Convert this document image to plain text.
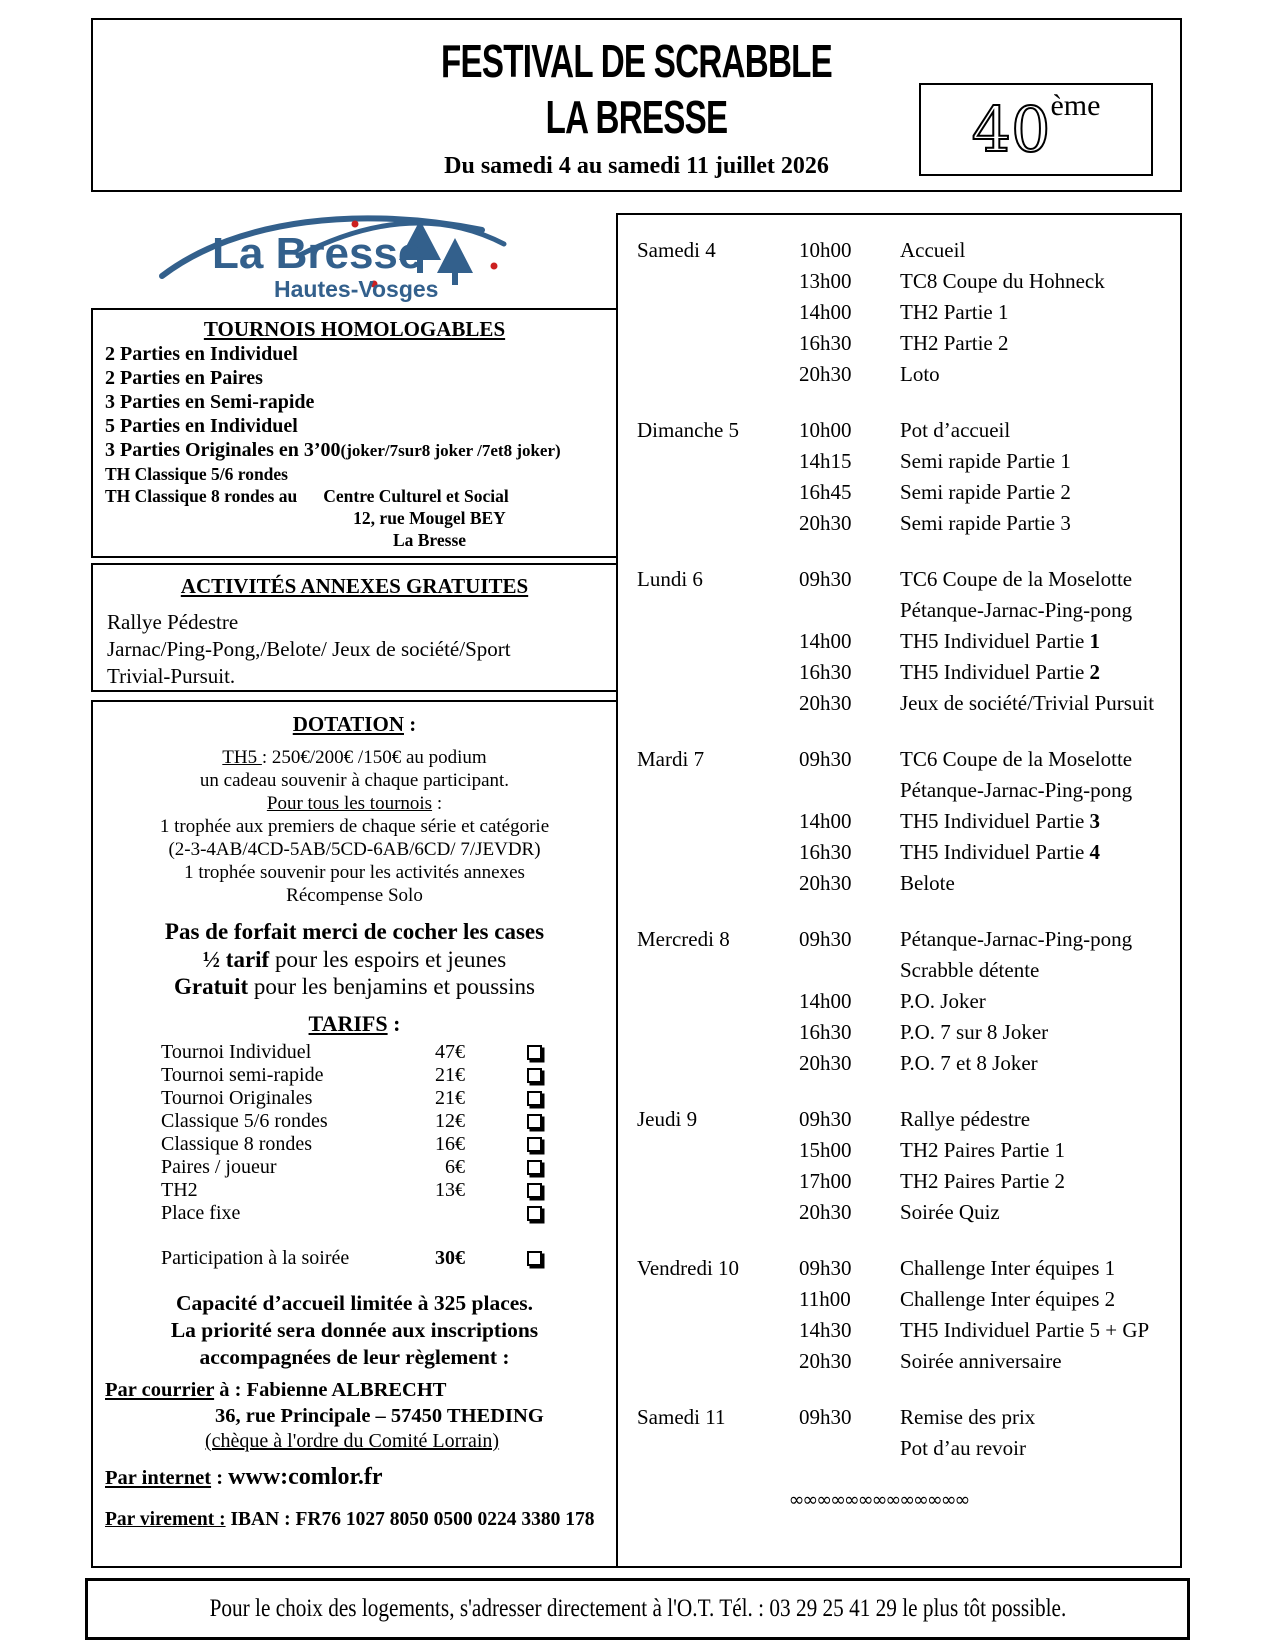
FESTIVAL DE SCRABBLE
LA BRESSE
Du samedi 4 au samedi 11 juillet 2026
40 ème
La Bresse
Hautes-Vosges
TOURNOIS HOMOLOGABLES
2 Parties en Individuel
2 Parties en Paires
3 Parties en Semi-rapide
5 Parties en Individuel
3 Parties Originales en 3’00(joker/7sur8 joker /7et8 joker)
TH Classique 5/6 rondes
TH Classique 8 rondes au Centre Culturel et Social
12, rue Mougel BEY
La Bresse
ACTIVITÉS ANNEXES GRATUITES
Rallye Pédestre
Jarnac/Ping-Pong,/Belote/ Jeux de société/Sport
Trivial-Pursuit.
DOTATION :
TH5 : 250€/200€ /150€ au podium
un cadeau souvenir à chaque participant.
Pour tous les tournois :
1 trophée aux premiers de chaque série et catégorie
(2-3-4AB/4CD-5AB/5CD-6AB/6CD/ 7/JEVDR)
1 trophée souvenir pour les activités annexes
Récompense Solo
Pas de forfait merci de cocher les cases
½ tarif pour les espoirs et jeunes
Gratuit pour les benjamins et poussins
TARIFS :
Tournoi Individuel	47€
Tournoi semi-rapide	21€
Tournoi Originales	21€
Classique 5/6 rondes	12€
Classique 8 rondes	16€
Paires / joueur	6€
TH2	13€
Place fixe
Participation à la soirée	30€
Capacité d’accueil limitée à 325 places.
La priorité sera donnée aux inscriptions
accompagnées de leur règlement :
Par courrier à : Fabienne ALBRECHT
36, rue Principale – 57450 THEDING
(chèque à l'ordre du Comité Lorrain)
Par internet : www:comlor.fr
Par virement : IBAN : FR76 1027 8050 0500 0224 3380 178
Samedi 4	10h00	Accueil
13h00	TC8 Coupe du Hohneck
14h00	TH2 Partie 1
16h30	TH2 Partie 2
20h30	Loto
Dimanche 5	10h00	Pot d’accueil
14h15	Semi rapide Partie 1
16h45	Semi rapide Partie 2
20h30	Semi rapide Partie 3
Lundi 6	09h30	TC6 Coupe de la Moselotte
Pétanque-Jarnac-Ping-pong
14h00	TH5 Individuel Partie 1
16h30	TH5 Individuel Partie 2
20h30	Jeux de société/Trivial Pursuit
Mardi 7	09h30	TC6 Coupe de la Moselotte
Pétanque-Jarnac-Ping-pong
14h00	TH5 Individuel Partie 3
16h30	TH5 Individuel Partie 4
20h30	Belote
Mercredi 8	09h30	Pétanque-Jarnac-Ping-pong
Scrabble détente
14h00	P.O. Joker
16h30	P.O. 7 sur 8 Joker
20h30	P.O. 7 et 8 Joker
Jeudi 9	09h30	Rallye pédestre
15h00	TH2 Paires Partie 1
17h00	TH2 Paires Partie 2
20h30	Soirée Quiz
Vendredi 10	09h30	Challenge Inter équipes 1
11h00	Challenge Inter équipes 2
14h30	TH5 Individuel Partie 5 + GP
20h30	Soirée anniversaire
Samedi 11	09h30	Remise des prix
Pot d’au revoir
∞∞∞∞∞∞∞∞∞∞∞∞∞
Pour le choix des logements, s'adresser directement à l'O.T. Tél. : 03 29 25 41 29 le plus tôt possible.
